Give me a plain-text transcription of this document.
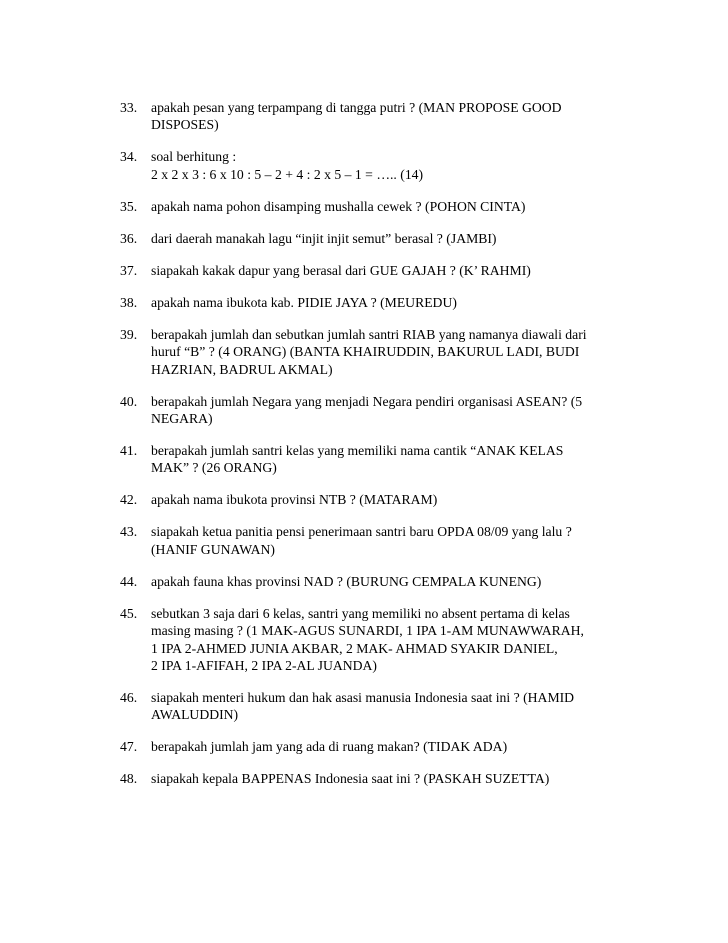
33.	apakah pesan yang terpampang di tangga putri ? (MAN PROPOSE GOOD
DISPOSES)
34.	soal berhitung :
2 x 2 x 3 : 6 x 10 : 5 – 2 + 4 : 2 x 5 – 1 = ….. (14)
35.	apakah nama pohon disamping mushalla cewek ? (POHON CINTA)
36.	dari daerah manakah lagu “injit injit semut” berasal ? (JAMBI)
37.	siapakah kakak dapur yang berasal dari GUE GAJAH ? (K’ RAHMI)
38.	apakah nama ibukota kab. PIDIE JAYA ? (MEUREDU)
39.	berapakah jumlah dan sebutkan jumlah santri RIAB yang namanya diawali dari
huruf “B” ? (4 ORANG) (BANTA KHAIRUDDIN, BAKURUL LADI, BUDI
HAZRIAN, BADRUL AKMAL)
40.	berapakah jumlah Negara yang menjadi Negara pendiri organisasi ASEAN? (5
NEGARA)
41.	berapakah jumlah santri kelas yang memiliki nama cantik “ANAK KELAS
MAK” ? (26 ORANG)
42.	apakah nama ibukota provinsi NTB ? (MATARAM)
43.	siapakah ketua panitia pensi penerimaan santri baru OPDA 08/09 yang lalu ?
(HANIF GUNAWAN)
44.	apakah fauna khas provinsi NAD ? (BURUNG CEMPALA KUNENG)
45.	sebutkan 3 saja dari 6 kelas, santri yang memiliki no absent pertama di kelas
masing masing ? (1 MAK-AGUS SUNARDI, 1 IPA 1-AM MUNAWWARAH,
1 IPA 2-AHMED JUNIA AKBAR, 2 MAK- AHMAD SYAKIR DANIEL,
2 IPA 1-AFIFAH, 2 IPA 2-AL JUANDA)
46.	siapakah menteri hukum dan hak asasi manusia Indonesia saat ini ? (HAMID
AWALUDDIN)
47.	berapakah jumlah jam yang ada di ruang makan? (TIDAK ADA)
48.	siapakah kepala BAPPENAS Indonesia saat ini ? (PASKAH SUZETTA)
